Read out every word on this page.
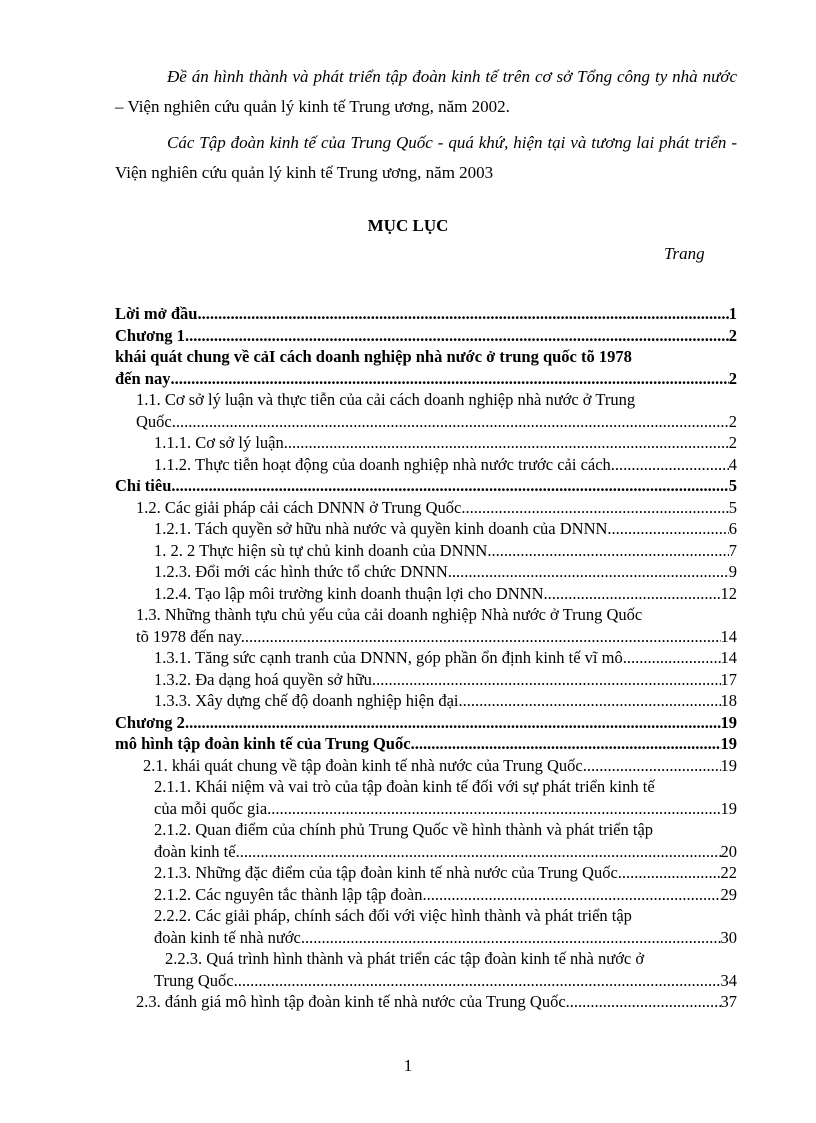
Đề án hình thành và phát triển tập đoàn kinh tế trên cơ sở Tổng công ty nhà nước – Viện nghiên cứu quản lý kinh tế Trung ương, năm 2002.

Các Tập đoàn kinh tế của Trung Quốc - quá khứ, hiện tại và tương lai phát triển - Viện nghiên cứu quản lý kinh tế Trung ương, năm 2003

MỤC LỤC
Trang
Lời mở đầu .....	1
Chương 1 .....	2
khái quát chung về cảI cách doanh nghiệp nhà nước ở trung quốc tõ 1978
đến nay .....	2
1.1. Cơ sở lý luận và thực tiễn của cải cách doanh nghiệp nhà nước ở Trung
Quốc .....	2
1.1.1. Cơ sở lý luận. .....	2
1.1.2. Thực tiễn hoạt động của doanh nghiệp nhà nước trước cải cách. .....	4
Chỉ tiêu .....	5
1.2. Các giải pháp cải cách DNNN ở Trung Quốc .....	5
1.2.1. Tách quyền sở hữu nhà nước và quyền kinh doanh của DNNN. .....	6
1. 2. 2 Thực hiện sù tự chủ kinh doanh của DNNN .....	7
1.2.3. Đổi mới các hình thức tổ chức DNNN. .....	9
1.2.4. Tạo lập môi trường kinh doanh thuận lợi cho DNNN. .....	12
1.3. Những thành tựu chủ yếu của cải doanh nghiệp Nhà nước ở Trung Quốc
tõ 1978 đến nay. .....	14
1.3.1. Tăng sức cạnh tranh của DNNN, góp phần ổn định kinh tế vĩ mô. .....	14
1.3.2. Đa dạng hoá quyền sở hữu. .....	17
1.3.3. Xây dựng chế độ doanh nghiệp hiện đại. .....	18
Chương 2 .....	19
mô hình tập đoàn kinh tế của Trung Quốc .....	19
2.1. khái quát chung về tập đoàn kinh tế nhà nước của Trung Quốc .....	19
2.1.1. Khái niệm và vai trò của tập đoàn kinh tế đối với sự phát triển kinh tế
của mỗi quốc gia. .....	19
2.1.2. Quan điểm của chính phủ Trung Quốc về hình thành và phát triển tập
đoàn kinh tế. .....	20
2.1.3. Những đặc điểm của tập đoàn kinh tế nhà nước của Trung Quốc. .....	22
2.1.2. Các nguyên tắc thành lập tập đoàn. .....	29
2.2.2. Các giải pháp, chính sách đối với việc hình thành và phát triển tập
đoàn kinh tế nhà nước. .....	30
2.2.3. Quá trình hình thành và phát triển các tập đoàn kinh tế nhà nước ở
Trung Quốc .....	34
2.3. đánh giá mô hình tập đoàn kinh tế nhà nước của Trung Quốc .....	37
1
